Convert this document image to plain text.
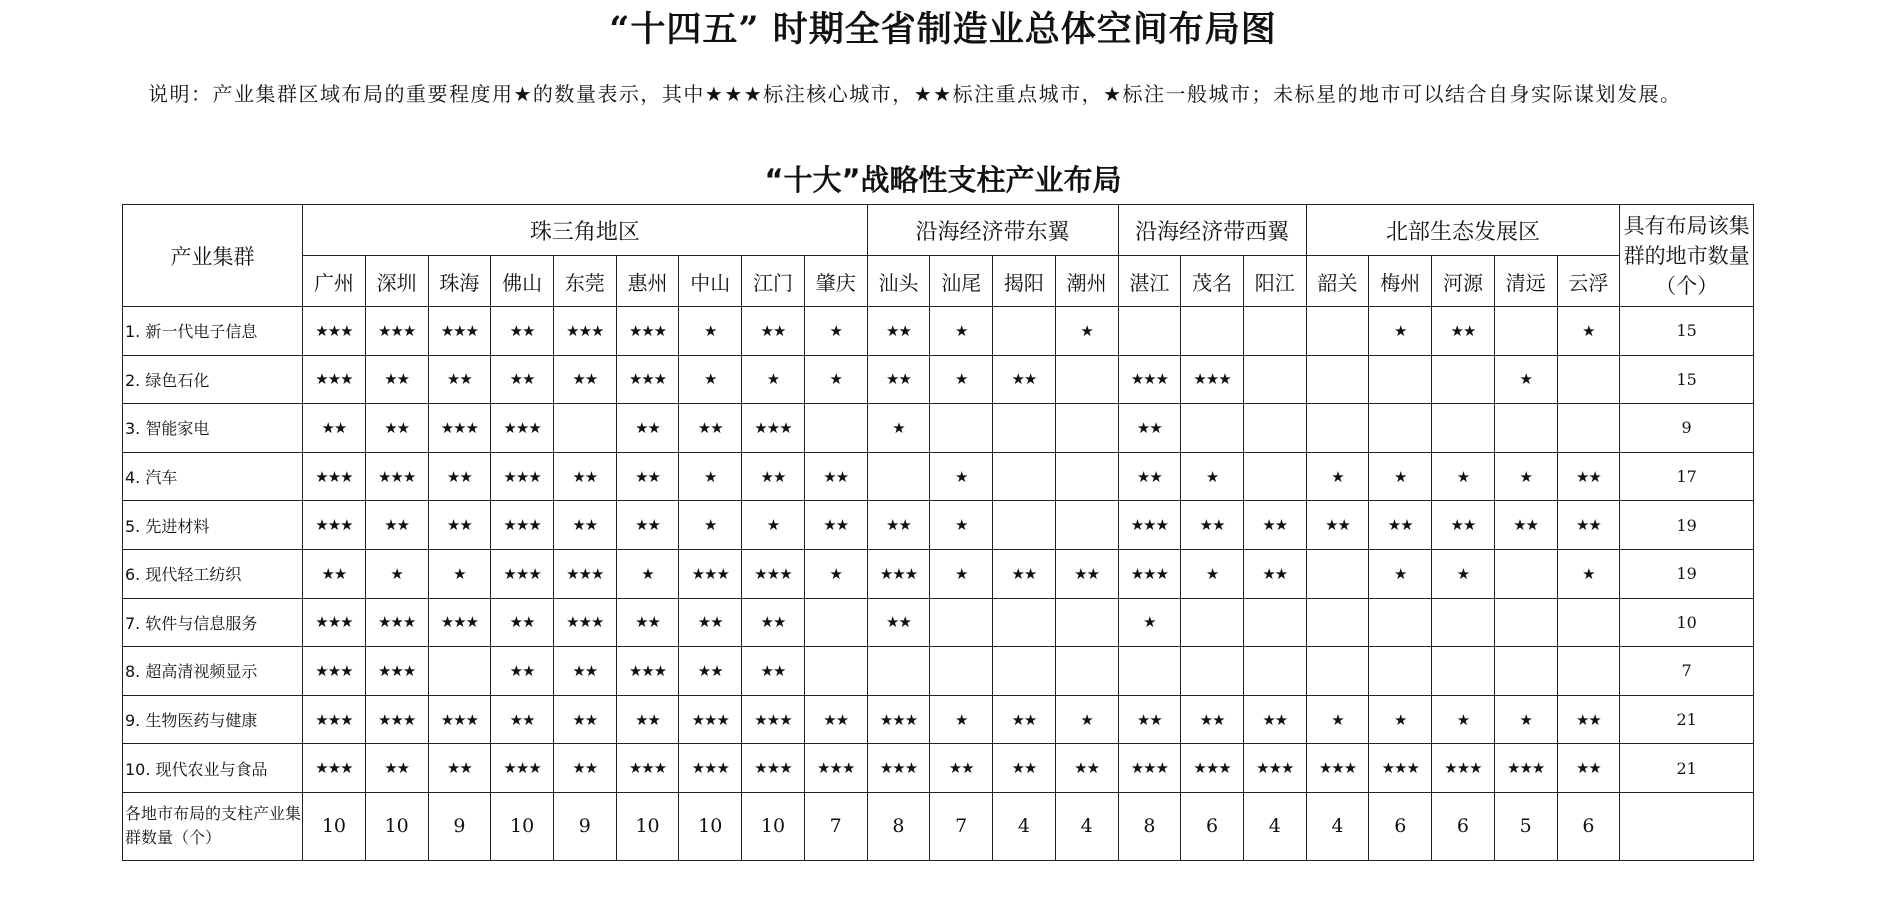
“十四五” 时期全省制造业总体空间布局图
说明：产业集群区域布局的重要程度用★的数量表示，其中★★★标注核心城市，★★标注重点城市，★标注一般城市；未标星的地市可以结合自身实际谋划发展。
“十大”战略性支柱产业布局
产业集群	珠三角地区									沿海经济带东翼				沿海经济带西翼			北部生态发展区					具有布局该集群的地市数量（个）
	广州	深圳	珠海	佛山	东莞	惠州	中山	江门	肇庆	汕头	汕尾	揭阳	潮州	湛江	茂名	阳江	韶关	梅州	河源	清远	云浮	
1. 新一代电子信息	★★★	★★★	★★★	★★	★★★	★★★	★	★★	★	★★	★		★					★	★★		★	15
2. 绿色石化	★★★	★★	★★	★★	★★	★★★	★	★	★	★★	★	★★		★★★	★★★					★		15
3. 智能家电	★★	★★	★★★	★★★		★★	★★	★★★		★				★★								9
4. 汽车	★★★	★★★	★★	★★★	★★	★★	★	★★	★★		★			★★	★		★	★	★	★	★★	17
5. 先进材料	★★★	★★	★★	★★★	★★	★★	★	★	★★	★★	★			★★★	★★	★★	★★	★★	★★	★★	★★	19
6. 现代轻工纺织	★★	★	★	★★★	★★★	★	★★★	★★★	★	★★★	★	★★	★★	★★★	★	★★		★	★		★	19
7. 软件与信息服务	★★★	★★★	★★★	★★	★★★	★★	★★	★★		★★				★								10
8. 超高清视频显示	★★★	★★★		★★	★★	★★★	★★	★★														7
9. 生物医药与健康	★★★	★★★	★★★	★★	★★	★★	★★★	★★★	★★	★★★	★	★★	★	★★	★★	★★	★	★	★	★	★★	21
10. 现代农业与食品	★★★	★★	★★	★★★	★★	★★★	★★★	★★★	★★★	★★★	★★	★★	★★	★★★	★★★	★★★	★★★	★★★	★★★	★★★	★★	21
各地市布局的支柱产业集群数量（个）	10	10	9	10	9	10	10	10	7	8	7	4	4	8	6	4	4	6	6	5	6	
